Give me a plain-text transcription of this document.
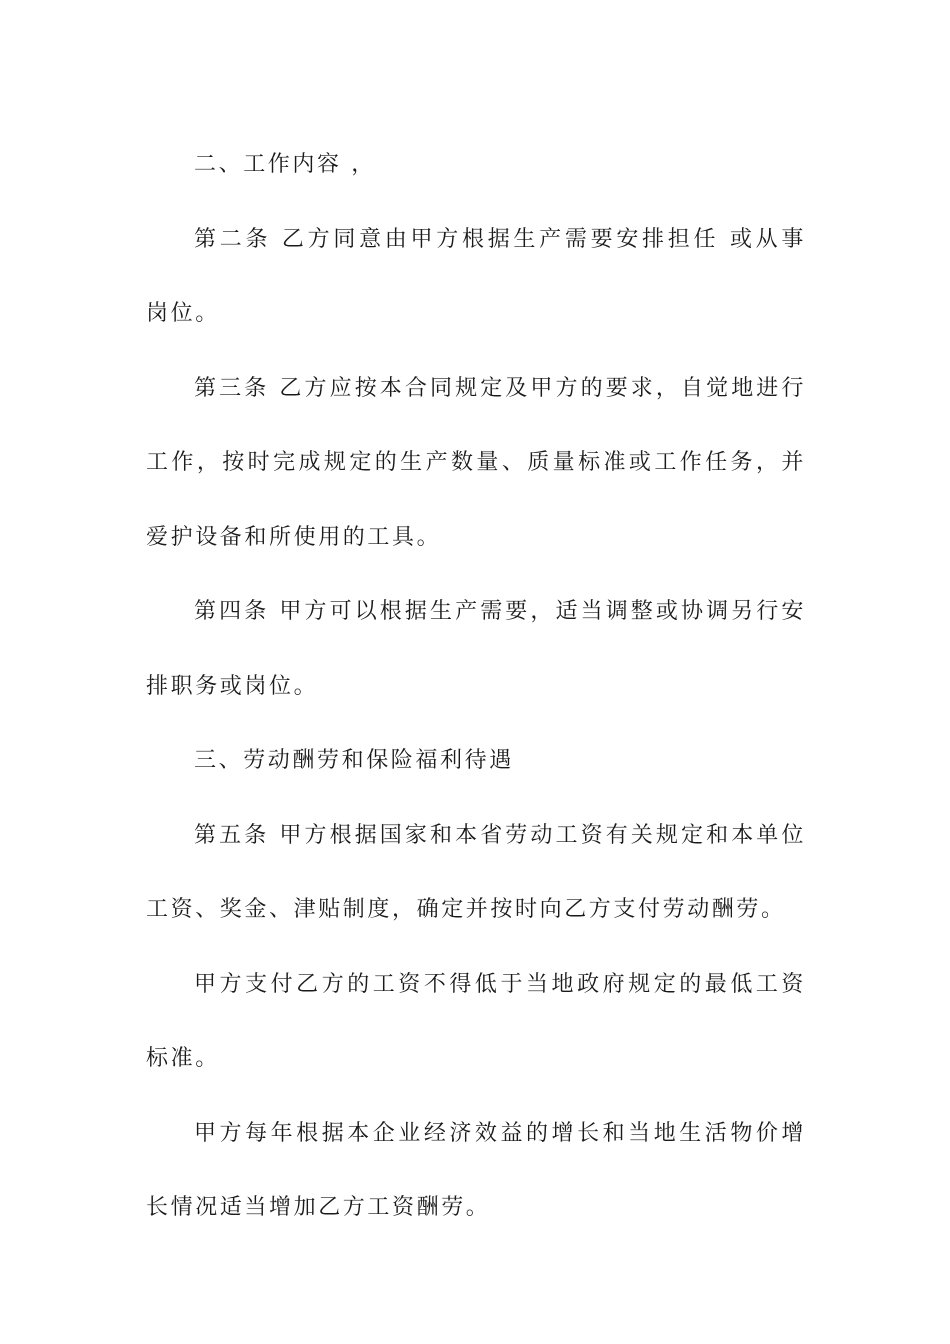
二、工作内容 ，

第二条 乙方同意由甲方根据生产需要安排担任 或从事 岗位。

第三条 乙方应按本合同规定及甲方的要求，自觉地进行工作，按时完成规定的生产数量、质量标准或工作任务，并爱护设备和所使用的工具。

第四条 甲方可以根据生产需要，适当调整或协调另行安排职务或岗位。

三、劳动酬劳和保险福利待遇

第五条 甲方根据国家和本省劳动工资有关规定和本单位工资、奖金、津贴制度，确定并按时向乙方支付劳动酬劳。

甲方支付乙方的工资不得低于当地政府规定的最低工资标准。

甲方每年根据本企业经济效益的增长和当地生活物价增长情况适当增加乙方工资酬劳。
